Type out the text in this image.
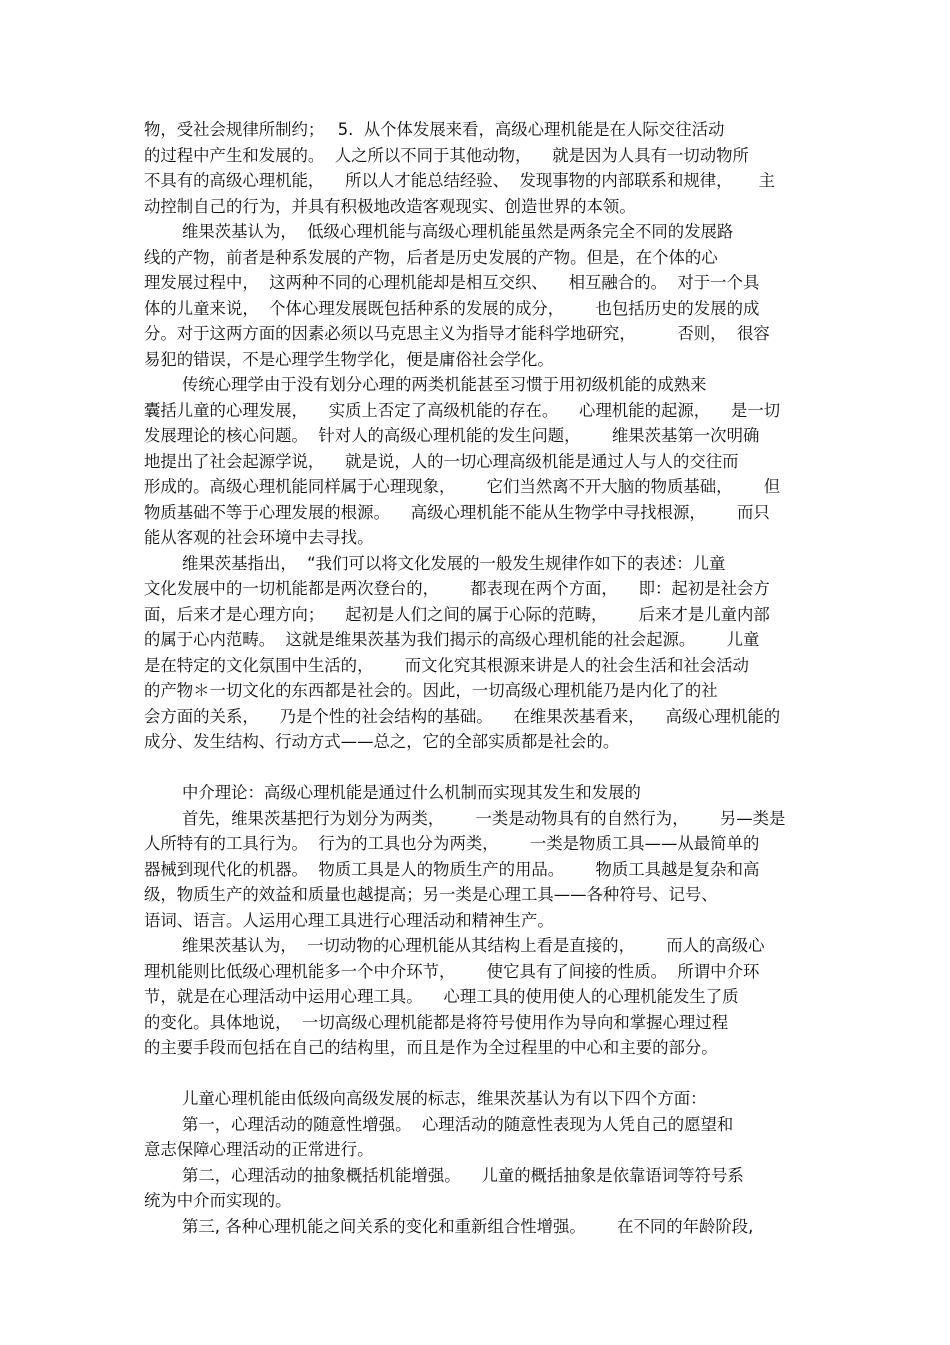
物，受社会规律所制约；　 5.  从个体发展来看，高级心理机能是在人际交往活动
的过程中产生和发展的。  人之所以不同于其他动物，    就是因为人具有一切动物所
不具有的高级心理机能，    所以人才能总结经验、  发现事物的内部联系和规律，     主
动控制自己的行为，并具有积极地改造客观现实、创造世界的本领。
维果茨基认为，  低级心理机能与高级心理机能虽然是两条完全不同的发展路
线的产物，前者是种系发展的产物，后者是历史发展的产物。但是，在个体的心
理发展过程中，  这两种不同的心理机能却是相互交织、    相互融合的。  对于一个具
体的儿童来说，  个体心理发展既包括种系的发展的成分，      也包括历史的发展的成
分。对于这两方面的因素必须以马克思主义为指导才能科学地研究，        否则，  很容
易犯的错误，不是心理学生物学化，便是庸俗社会学化。
传统心理学由于没有划分心理的两类机能甚至习惯于用初级机能的成熟来
囊括儿童的心理发展，    实质上否定了高级机能的存在。    心理机能的起源，    是一切
发展理论的核心问题。  针对人的高级心理机能的发生问题，      维果茨基第一次明确
地提出了社会起源学说，    就是说，人的一切心理高级机能是通过人与人的交往而
形成的。高级心理机能同样属于心理现象，      它们当然离不开大脑的物质基础，      但
物质基础不等于心理发展的根源。    高级心理机能不能从生物学中寻找根源，      而只
能从客观的社会环境中去寻找。
维果茨基指出，  “我们可以将文化发展的一般发生规律作如下的表述：儿童
文化发展中的一切机能都是两次登台的，      都表现在两个方面，    即：起初是社会方
面，后来才是心理方向；    起初是人们之间的属于心际的范畴，      后来才是儿童内部
的属于心内范畴。  这就是维果茨基为我们揭示的高级心理机能的社会起源。      儿童
是在特定的文化氛围中生活的，      而文化究其根源来讲是人的社会生活和社会活动
的产物＊一切文化的东西都是社会的。因此，一切高级心理机能乃是内化了的社
会方面的关系，    乃是个性的社会结构的基础。    在维果茨基看来，    高级心理机能的
成分、发生结构、行动方式——总之，它的全部实质都是社会的。
中介理论：高级心理机能是通过什么机制而实现其发生和发展的
首先，维果茨基把行为划分为两类，      一类是动物具有的自然行为，      另—类是
人所特有的工具行为。  行为的工具也分为两类，      一类是物质工具——从最简单的
器械到现代化的机器。  物质工具是人的物质生产的用品。      物质工具越是复杂和高
级，物质生产的效益和质量也越提高；另一类是心理工具——各种符号、记号、
语词、语言。人运用心理工具进行心理活动和精神生产。
维果茨基认为，  一切动物的心理机能从其结构上看是直接的，      而人的高级心
理机能则比低级心理机能多一个中介环节，      使它具有了间接的性质。  所谓中介环
节，就是在心理活动中运用心理工具。    心理工具的使用使人的心理机能发生了质
的变化。具体地说，  一切高级心理机能都是将符号使用作为导向和掌握心理过程
的主要手段而包括在自己的结构里，而且是作为全过程里的中心和主要的部分。
儿童心理机能由低级向高级发展的标志，维果茨基认为有以下四个方面：
第一，心理活动的随意性增强。  心理活动的随意性表现为人凭自己的愿望和
意志保障心理活动的正常进行。
第二，心理活动的抽象概括机能增强。    儿童的概括抽象是依靠语词等符号系
统为中介而实现的。
第三, 各种心理机能之间关系的变化和重新组合性增强。      在不同的年龄阶段,
